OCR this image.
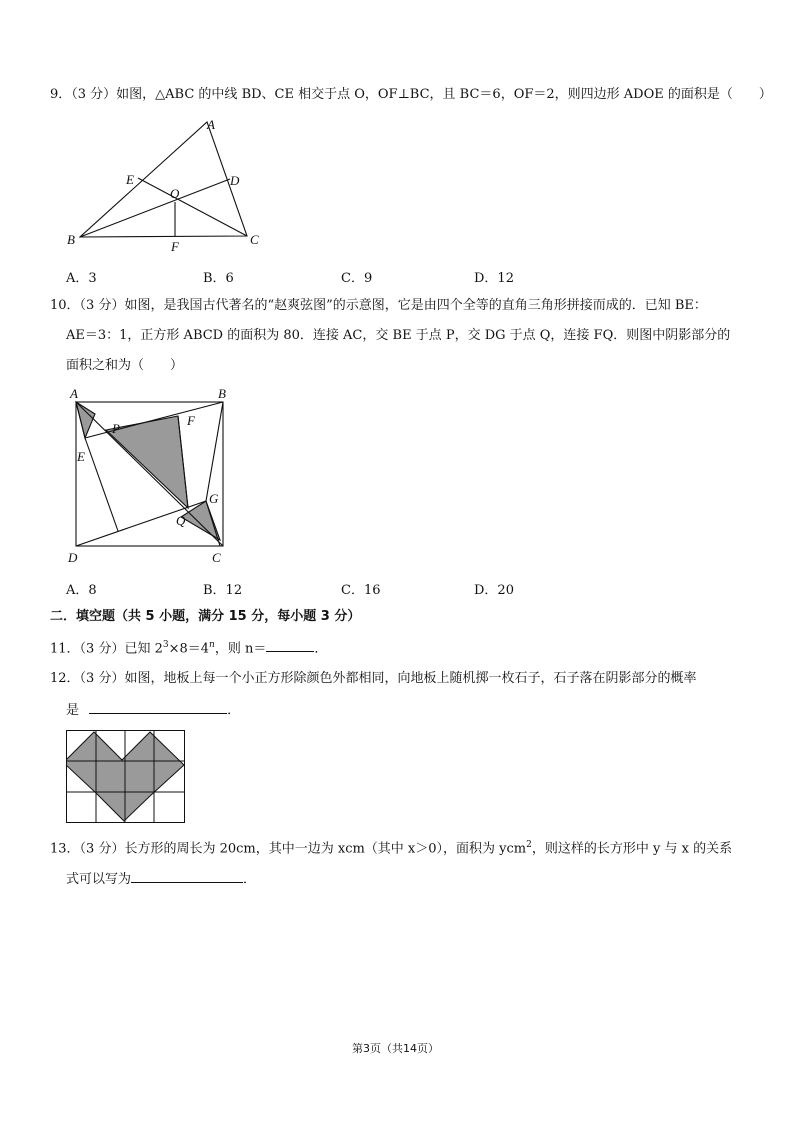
9．（3 分）如图，△ABC 的中线 BD、CE 相交于点 O，OF⊥BC，且 BC＝6，OF＝2，则四边形 ADOE 的面积是（　　）
A
B	C
D
E
O
F
A．3	B．6	C．9	D．12
10．（3 分）如图，是我国古代著名的“赵爽弦图”的示意图，它是由四个全等的直角三角形拼接而成的．已知 BE：
AE＝3：1，正方形 ABCD 的面积为 80．连接 AC，交 BE 于点 P，交 DG 于点 Q，连接 FQ．则图中阴影部分的
面积之和为（　　）
A	B
D	C
E
F
G
P
Q
A．8	B．12	C．16	D．20
二．填空题（共 5 小题，满分 15 分，每小题 3 分）
11．（3 分）已知 $2^3\times 8=4^n$，则 n＝	．
12．（3 分）如图，地板上每一个小正方形除颜色外都相同，向地板上随机掷一枚石子，石子落在阴影部分的概率
是	．
13．（3 分）长方形的周长为 20cm，其中一边为 xcm（其中 x＞0），面积为 ycm$^2$，则这样的长方形中 y 与 x 的关系
式可以写为	．
第3页（共14页）
